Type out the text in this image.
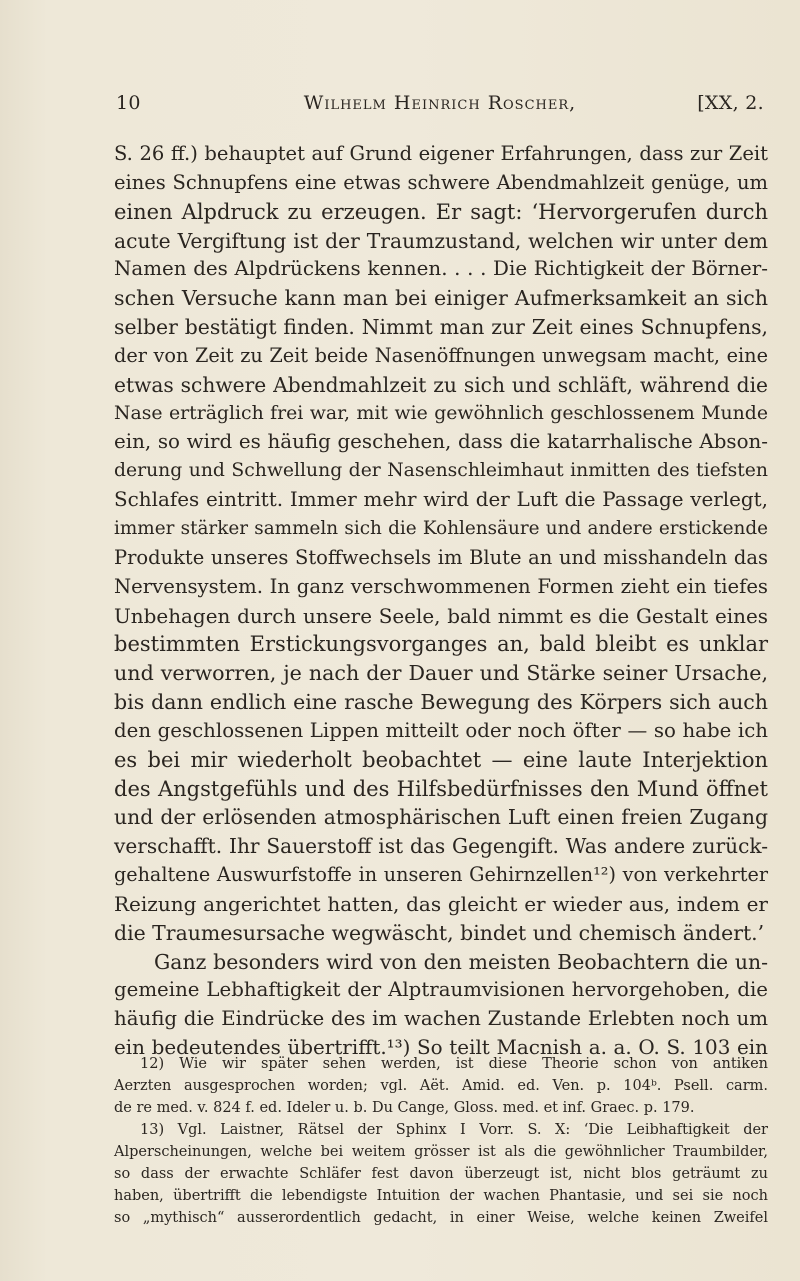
10	Wilhelm Heinrich Roscher,	[XX, 2.
S. 26 ff.) behauptet auf Grund eigener Erfahrungen, dass zur Zeit
eines Schnupfens eine etwas schwere Abendmahlzeit genüge, um
einen Alpdruck zu erzeugen. Er sagt: ‘Hervorgerufen durch
acute Vergiftung ist der Traumzustand, welchen wir unter dem
Namen des Alpdrückens kennen. . . . Die Richtigkeit der Börner-
schen Versuche kann man bei einiger Aufmerksamkeit an sich
selber bestätigt finden. Nimmt man zur Zeit eines Schnupfens,
der von Zeit zu Zeit beide Nasenöffnungen unwegsam macht, eine
etwas schwere Abendmahlzeit zu sich und schläft, während die
Nase erträglich frei war, mit wie gewöhnlich geschlossenem Munde
ein, so wird es häufig geschehen, dass die katarrhalische Abson-
derung und Schwellung der Nasenschleimhaut inmitten des tiefsten
Schlafes eintritt. Immer mehr wird der Luft die Passage verlegt,
immer stärker sammeln sich die Kohlensäure und andere erstickende
Produkte unseres Stoffwechsels im Blute an und misshandeln das
Nervensystem. In ganz verschwommenen Formen zieht ein tiefes
Unbehagen durch unsere Seele, bald nimmt es die Gestalt eines
bestimmten Erstickungsvorganges an, bald bleibt es unklar
und verworren, je nach der Dauer und Stärke seiner Ursache,
bis dann endlich eine rasche Bewegung des Körpers sich auch
den geschlossenen Lippen mitteilt oder noch öfter — so habe ich
es bei mir wiederholt beobachtet — eine laute Interjektion
des Angstgefühls und des Hilfsbedürfnisses den Mund öffnet
und der erlösenden atmosphärischen Luft einen freien Zugang
verschafft. Ihr Sauerstoff ist das Gegengift. Was andere zurück-
gehaltene Auswurfstoffe in unseren Gehirnzellen¹²) von verkehrter
Reizung angerichtet hatten, das gleicht er wieder aus, indem er
die Traumesursache wegwäscht, bindet und chemisch ändert.’
Ganz besonders wird von den meisten Beobachtern die un-
gemeine Lebhaftigkeit der Alptraumvisionen hervorgehoben, die
häufig die Eindrücke des im wachen Zustande Erlebten noch um
ein bedeutendes übertrifft.¹³) So teilt Macnish a. a. O. S. 103 ein
12) Wie wir später sehen werden, ist diese Theorie schon von antiken
Aerzten ausgesprochen worden; vgl. Aët. Amid. ed. Ven. p. 104ᵇ. Psell. carm.
de re med. v. 824 f. ed. Ideler u. b. Du Cange, Gloss. med. et inf. Graec. p. 179.
13) Vgl. Laistner, Rätsel der Sphinx I Vorr. S. X: ‘Die Leibhaftigkeit der
Alperscheinungen, welche bei weitem grösser ist als die gewöhnlicher Traumbilder,
so dass der erwachte Schläfer fest davon überzeugt ist, nicht blos geträumt zu
haben, übertrifft die lebendigste Intuition der wachen Phantasie, und sei sie noch
so „mythisch“ ausserordentlich gedacht, in einer Weise, welche keinen Zweifel
